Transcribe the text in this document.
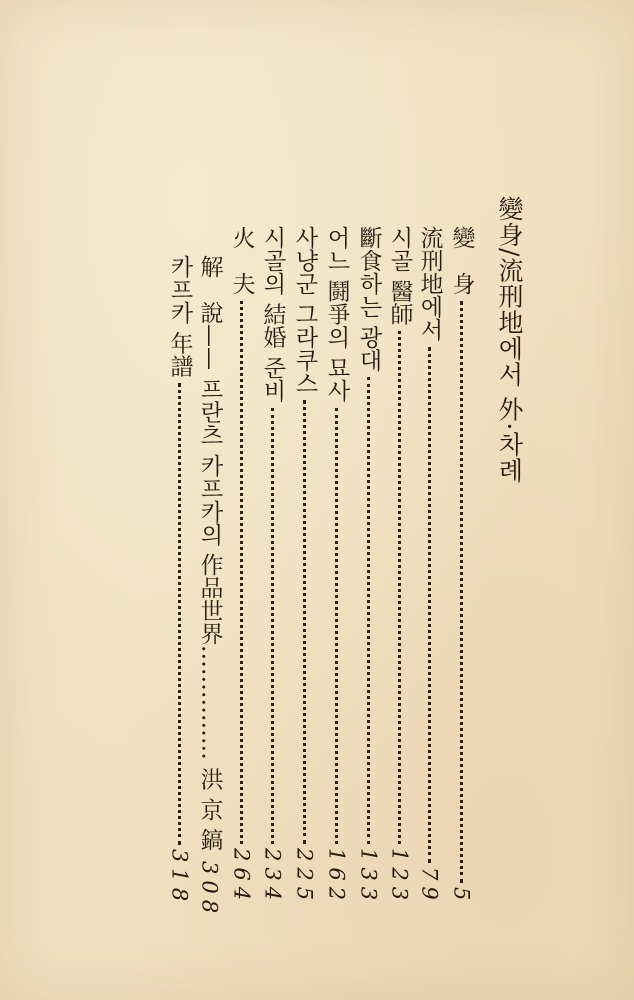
變身/流刑地에서 外·차례
變　身
5
流刑地에서
79
시골 醫師
123
斷食하는 광대
133
어느 鬪爭의 묘사
162
사냥군 그라쿠스
225
시골의 結婚 준비
234
火　夫
264
解　說—— 프란츠 카프카의 作品世界…………… 洪 京 鎬
308
카프카 年譜
318
